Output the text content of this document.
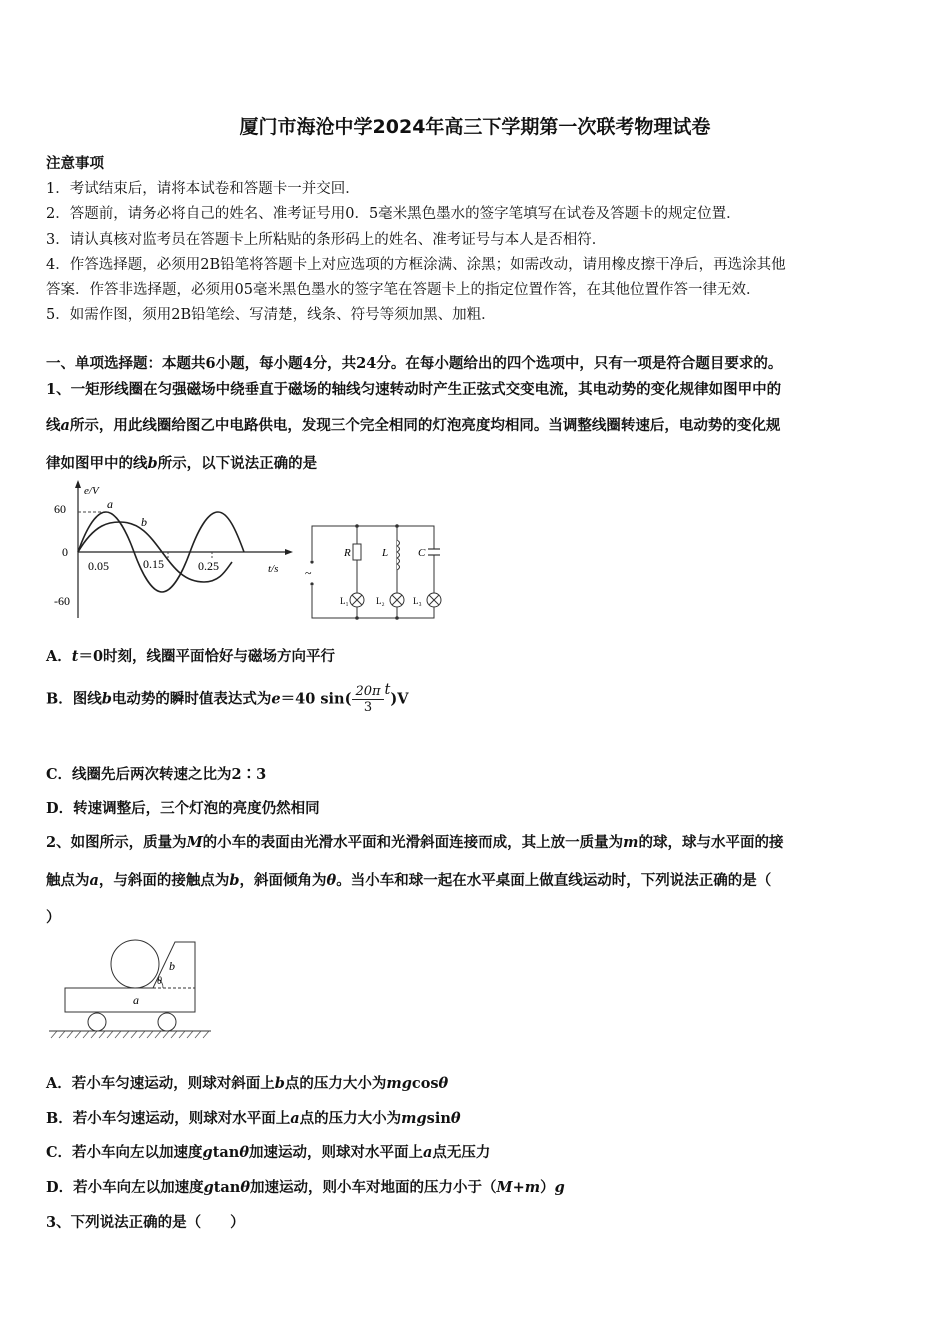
厦门市海沧中学2024年高三下学期第一次联考物理试卷
注意事项
1．考试结束后，请将本试卷和答题卡一并交回．
2．答题前，请务必将自己的姓名、准考证号用0．5毫米黑色墨水的签字笔填写在试卷及答题卡的规定位置．
3．请认真核对监考员在答题卡上所粘贴的条形码上的姓名、准考证号与本人是否相符．
4．作答选择题，必须用2B铅笔将答题卡上对应选项的方框涂满、涂黑；如需改动，请用橡皮擦干净后，再选涂其他
答案．作答非选择题，必须用05毫米黑色墨水的签字笔在答题卡上的指定位置作答，在其他位置作答一律无效．
5．如需作图，须用2B铅笔绘、写清楚，线条、符号等须加黑、加粗．
一、单项选择题：本题共6小题，每小题4分，共24分。在每小题给出的四个选项中，只有一项是符合题目要求的。
1、一矩形线圈在匀强磁场中绕垂直于磁场的轴线匀速转动时产生正弦式交变电流，其电动势的变化规律如图甲中的
线a所示，用此线圈给图乙中电路供电，发现三个完全相同的灯泡亮度均相同。当调整线圈转速后，电动势的变化规
律如图甲中的线b所示，以下说法正确的是
e/V
60
0
-60
0.05	0.15	0.25	t/s
a
b
~
R	L	C
L₁	L₂	L₃
A．t＝0时刻，线圈平面恰好与磁场方向平行
B．图线b电动势的瞬时值表达式为e＝40 $\sin( \frac{20\pi}{3} t)V$
C．线圈先后两次转速之比为2∶3
D．转速调整后，三个灯泡的亮度仍然相同
2、如图所示，质量为M的小车的表面由光滑水平面和光滑斜面连接而成，其上放一质量为m的球，球与水平面的接
触点为a，与斜面的接触点为b，斜面倾角为θ。当小车和球一起在水平桌面上做直线运动时，下列说法正确的是（
）
b
θ
a
A．若小车匀速运动，则球对斜面上b点的压力大小为mgcosθ
B．若小车匀速运动，则球对水平面上a点的压力大小为mgsinθ
C．若小车向左以加速度gtanθ加速运动，则球对水平面上a点无压力
D．若小车向左以加速度gtanθ加速运动，则小车对地面的压力小于（M+m）g
3、下列说法正确的是（　　）
